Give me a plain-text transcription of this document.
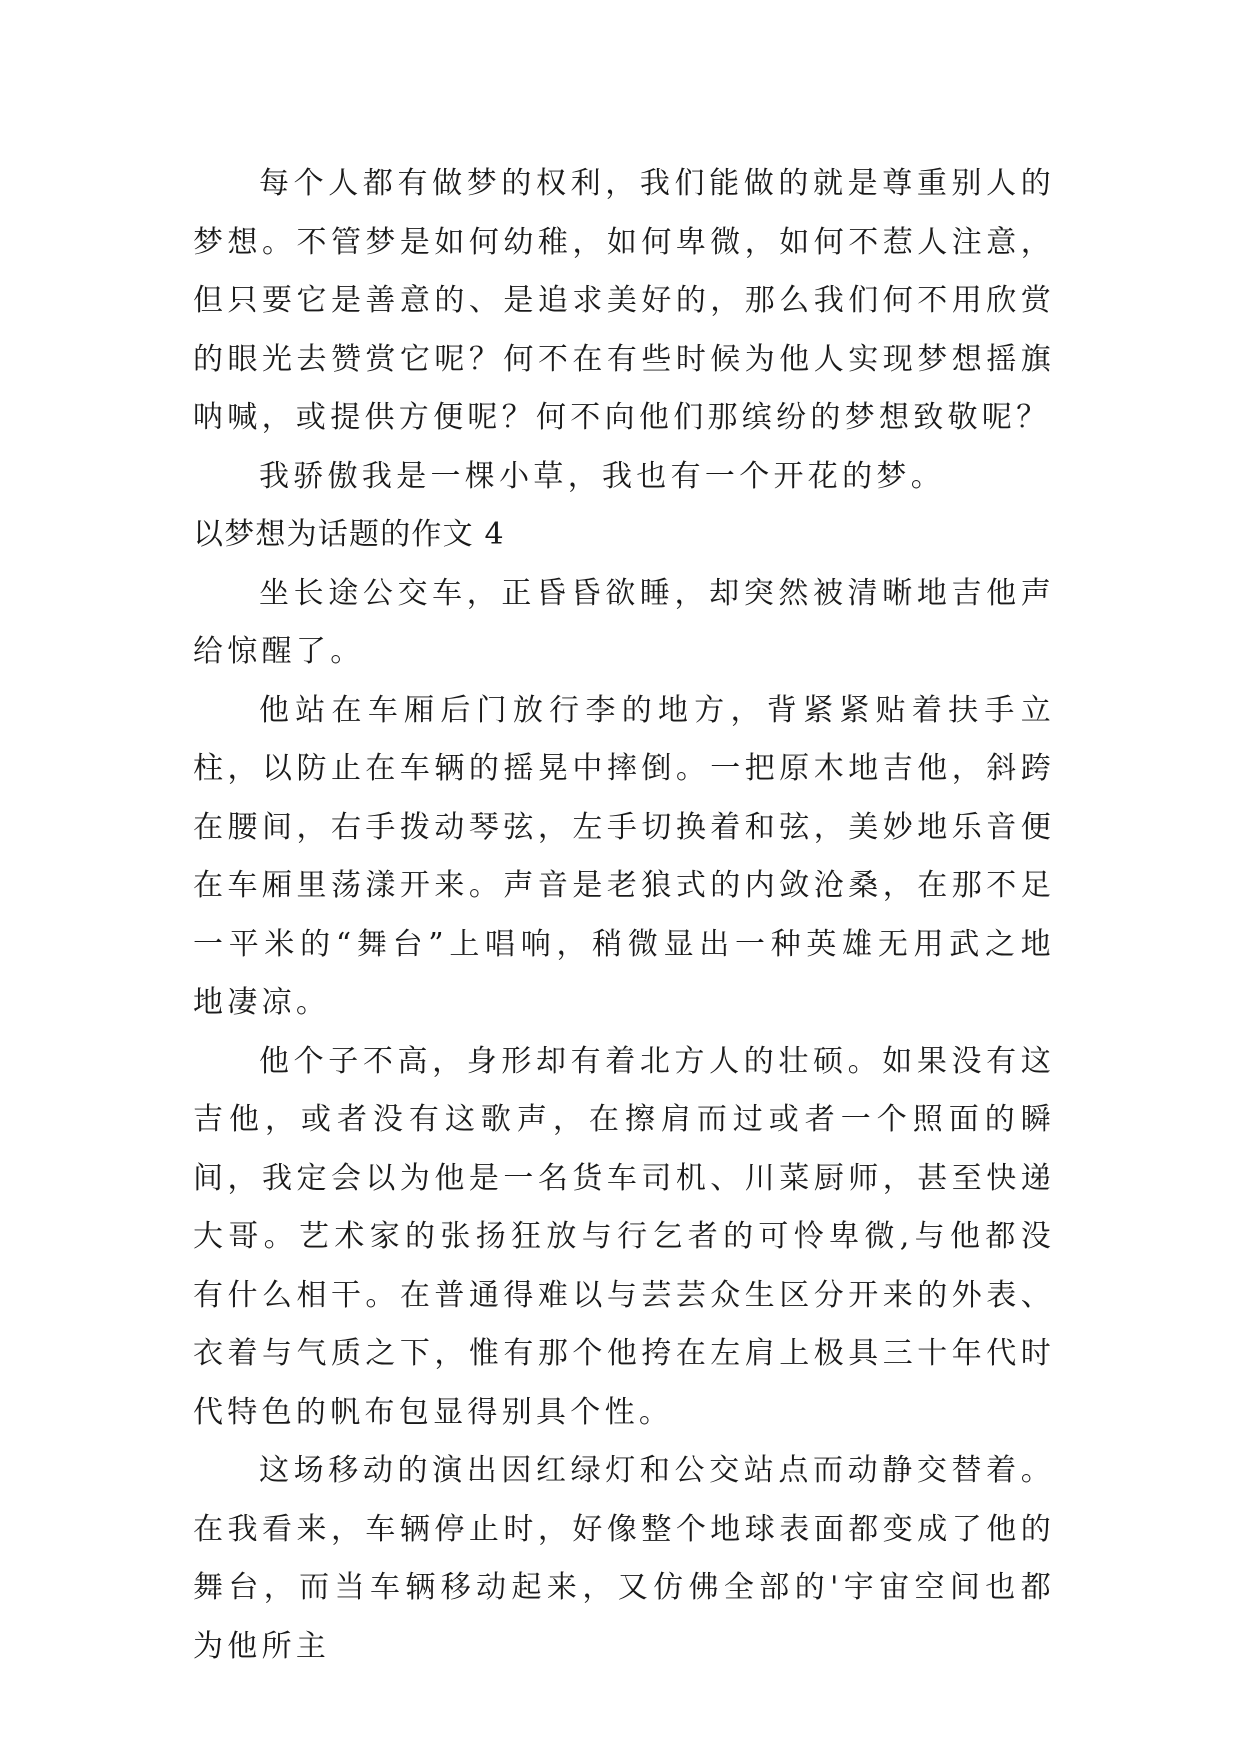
每个人都有做梦的权利，我们能做的就是尊重别人的梦想。不管梦是如何幼稚，如何卑微，如何不惹人注意，但只要它是善意的、是追求美好的，那么我们何不用欣赏的眼光去赞赏它呢？何不在有些时候为他人实现梦想摇旗呐喊，或提供方便呢？何不向他们那缤纷的梦想致敬呢？

我骄傲我是一棵小草，我也有一个开花的梦。

以梦想为话题的作文 4

坐长途公交车，正昏昏欲睡，却突然被清晰地吉他声给惊醒了。

他站在车厢后门放行李的地方，背紧紧贴着扶手立柱，以防止在车辆的摇晃中摔倒。一把原木地吉他，斜跨在腰间，右手拨动琴弦，左手切换着和弦，美妙地乐音便在车厢里荡漾开来。声音是老狼式的内敛沧桑，在那不足一平米的“舞台”上唱响，稍微显出一种英雄无用武之地地凄凉。

他个子不高，身形却有着北方人的壮硕。如果没有这吉他，或者没有这歌声，在擦肩而过或者一个照面的瞬间，我定会以为他是一名货车司机、川菜厨师，甚至快递大哥。艺术家的张扬狂放与行乞者的可怜卑微,与他都没有什么相干。在普通得难以与芸芸众生区分开来的外表、衣着与气质之下，惟有那个他挎在左肩上极具三十年代时代特色的帆布包显得别具个性。

这场移动的演出因红绿灯和公交站点而动静交替着。在我看来，车辆停止时，好像整个地球表面都变成了他的舞台，而当车辆移动起来，又仿佛全部的'宇宙空间也都为他所主
